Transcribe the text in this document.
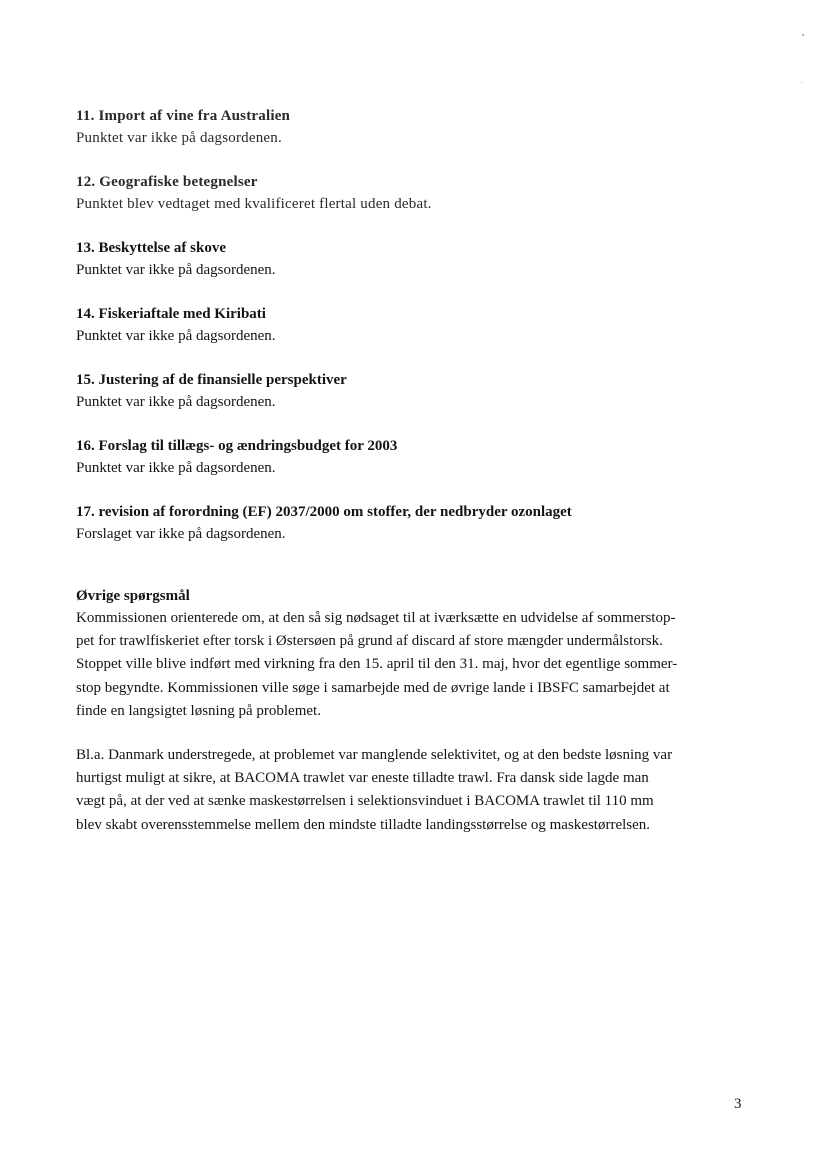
11. Import af vine fra Australien

Punktet var ikke på dagsordenen.

12. Geografiske betegnelser

Punktet blev vedtaget med kvalificeret flertal uden debat.

13. Beskyttelse af skove

Punktet var ikke på dagsordenen.

14. Fiskeriaftale med Kiribati

Punktet var ikke på dagsordenen.

15. Justering af de finansielle perspektiver

Punktet var ikke på dagsordenen.

16. Forslag til tillægs- og ændringsbudget for 2003

Punktet var ikke på dagsordenen.

17. revision af forordning (EF) 2037/2000 om stoffer, der nedbryder ozonlaget

Forslaget var ikke på dagsordenen.

Øvrige spørgsmål

Kommissionen orienterede om, at den så sig nødsaget til at iværksætte en udvidelse af sommerstop-
pet for trawlfiskeriet efter torsk i Østersøen på grund af discard af store mængder undermålstorsk.
Stoppet ville blive indført med virkning fra den 15. april til den 31. maj, hvor det egentlige sommer-
stop begyndte. Kommissionen ville søge i samarbejde med de øvrige lande i IBSFC samarbejdet at
finde en langsigtet løsning på problemet.

Bl.a. Danmark understregede, at problemet var manglende selektivitet, og at den bedste løsning var
hurtigst muligt at sikre, at BACOMA trawlet var eneste tilladte trawl. Fra dansk side lagde man
vægt på, at der ved at sænke maskestørrelsen i selektionsvinduet i BACOMA trawlet til 110 mm
blev skabt overensstemmelse mellem den mindste tilladte landingsstørrelse og maskestørrelsen.

3
